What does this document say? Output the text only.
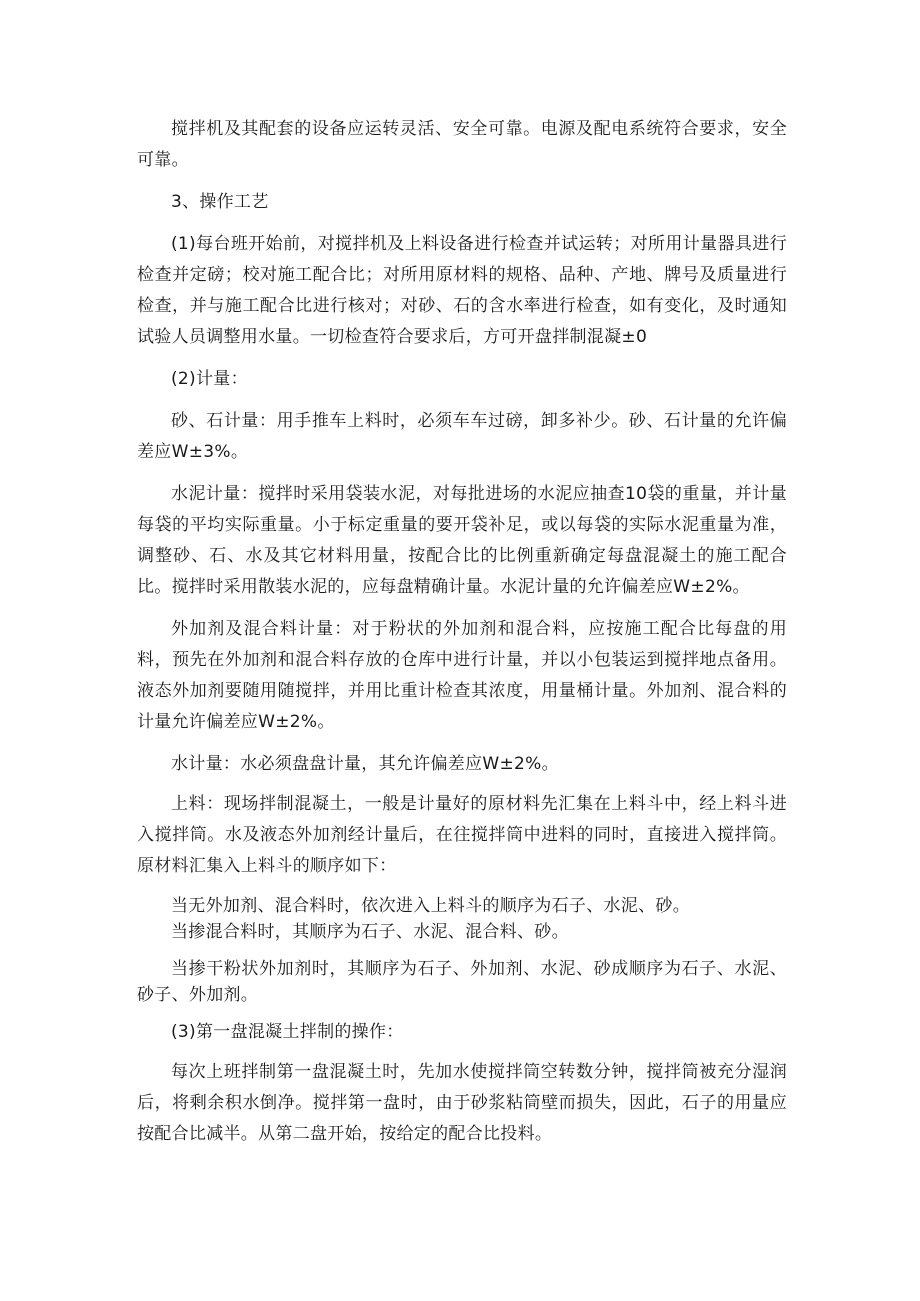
搅拌机及其配套的设备应运转灵活、安全可靠。电源及配电系统符合要求，安全可靠。

3、操作工艺

(1)每台班开始前，对搅拌机及上料设备进行检查并试运转；对所用计量器具进行检查并定磅；校对施工配合比；对所用原材料的规格、品种、产地、牌号及质量进行检查，并与施工配合比进行核对；对砂、石的含水率进行检查，如有变化，及时通知试验人员调整用水量。一切检查符合要求后，方可开盘拌制混凝±0

(2)计量：

砂、石计量：用手推车上料时，必须车车过磅，卸多补少。砂、石计量的允许偏差应W±3%。

水泥计量：搅拌时采用袋装水泥，对每批进场的水泥应抽查10袋的重量，并计量每袋的平均实际重量。小于标定重量的要开袋补足，或以每袋的实际水泥重量为准，调整砂、石、水及其它材料用量，按配合比的比例重新确定每盘混凝土的施工配合比。搅拌时采用散装水泥的，应每盘精确计量。水泥计量的允许偏差应W±2%。

外加剂及混合料计量：对于粉状的外加剂和混合料，应按施工配合比每盘的用料，预先在外加剂和混合料存放的仓库中进行计量，并以小包装运到搅拌地点备用。液态外加剂要随用随搅拌，并用比重计检查其浓度，用量桶计量。外加剂、混合料的计量允许偏差应W±2%。

水计量：水必须盘盘计量，其允许偏差应W±2%。

上料：现场拌制混凝土，一般是计量好的原材料先汇集在上料斗中，经上料斗进入搅拌筒。水及液态外加剂经计量后，在往搅拌筒中进料的同时，直接进入搅拌筒。原材料汇集入上料斗的顺序如下：

当无外加剂、混合料时，依次进入上料斗的顺序为石子、水泥、砂。

当掺混合料时，其顺序为石子、水泥、混合料、砂。

当掺干粉状外加剂时，其顺序为石子、外加剂、水泥、砂成顺序为石子、水泥、砂子、外加剂。

(3)第一盘混凝土拌制的操作：

每次上班拌制第一盘混凝土时，先加水使搅拌筒空转数分钟，搅拌筒被充分湿润后，将剩余积水倒净。搅拌第一盘时，由于砂浆粘筒壁而损失，因此，石子的用量应按配合比减半。从第二盘开始，按给定的配合比投料。
